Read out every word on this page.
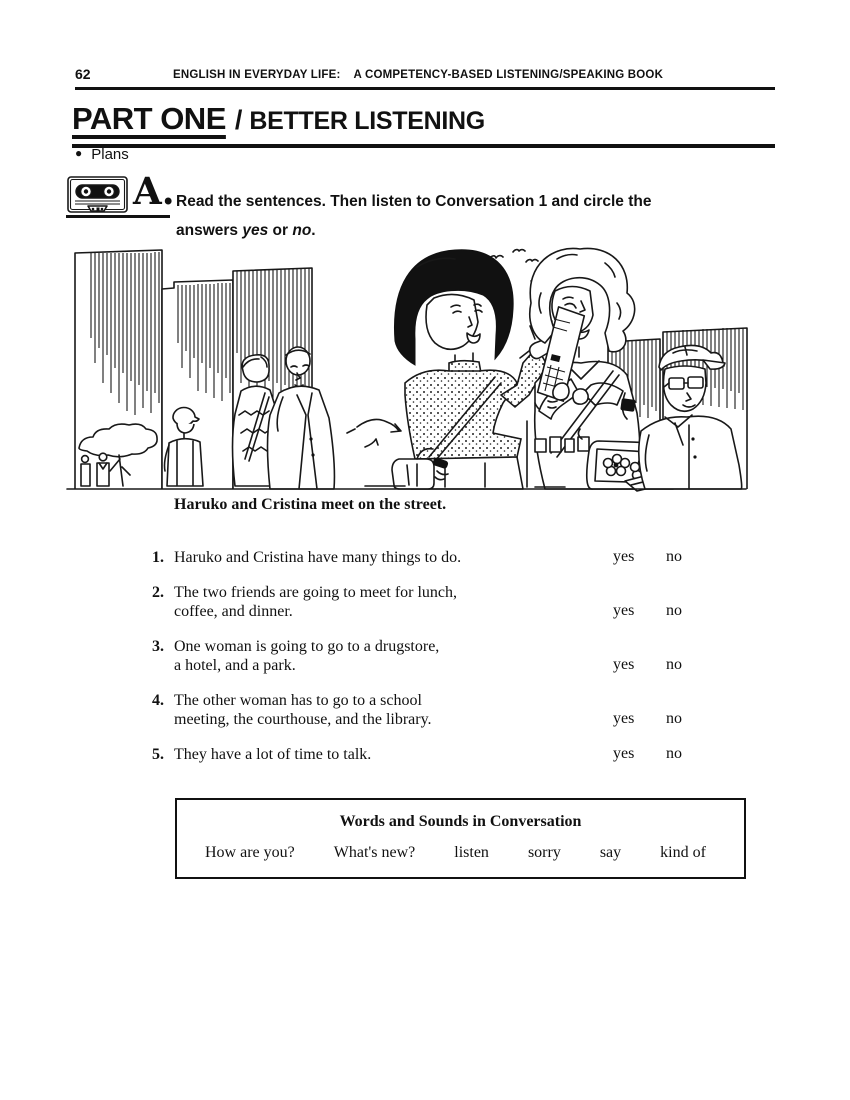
62	ENGLISH IN EVERYDAY LIFE: A COMPETENCY-BASED LISTENING/SPEAKING BOOK
PART ONE / BETTER LISTENING
● Plans
A. Read the sentences. Then listen to Conversation 1 and circle the
answers yes or no.
Haruko and Cristina meet on the street.
1. Haruko and Cristina have many things to do.	yes no
2. The two friends are going to meet for lunch,
coffee, and dinner.	yes no
3. One woman is going to go to a drugstore,
a hotel, and a park.	yes no
4. The other woman has to go to a school
meeting, the courthouse, and the library.	yes no
5. They have a lot of time to talk.	yes no
Words and Sounds in Conversation
How are you? What's new? listen sorry say kind of
